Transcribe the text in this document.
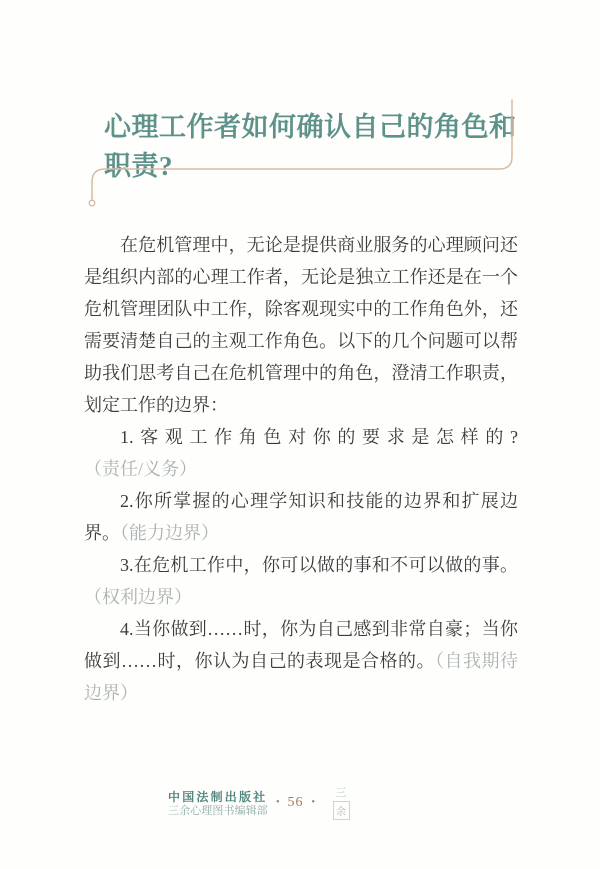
心理工作者如何确认自己的角色和职责?

在危机管理中，无论是提供商业服务的心理顾问还是组织内部的心理工作者，无论是独立工作还是在一个危机管理团队中工作，除客观现实中的工作角色外，还需要清楚自己的主观工作角色。以下的几个问题可以帮助我们思考自己在危机管理中的角色，澄清工作职责，划定工作的边界：

1.客观工作角色对你的要求是怎样的?（责任/义务）

2.你所掌握的心理学知识和技能的边界和扩展边界。（能力边界）

3.在危机工作中，你可以做的事和不可以做的事。（权利边界）

4.当你做到……时，你为自己感到非常自豪；当你做到……时，你认为自己的表现是合格的。（自我期待边界）

中国法制出版社
三余心理图书编辑部
• 56 •
三
余
